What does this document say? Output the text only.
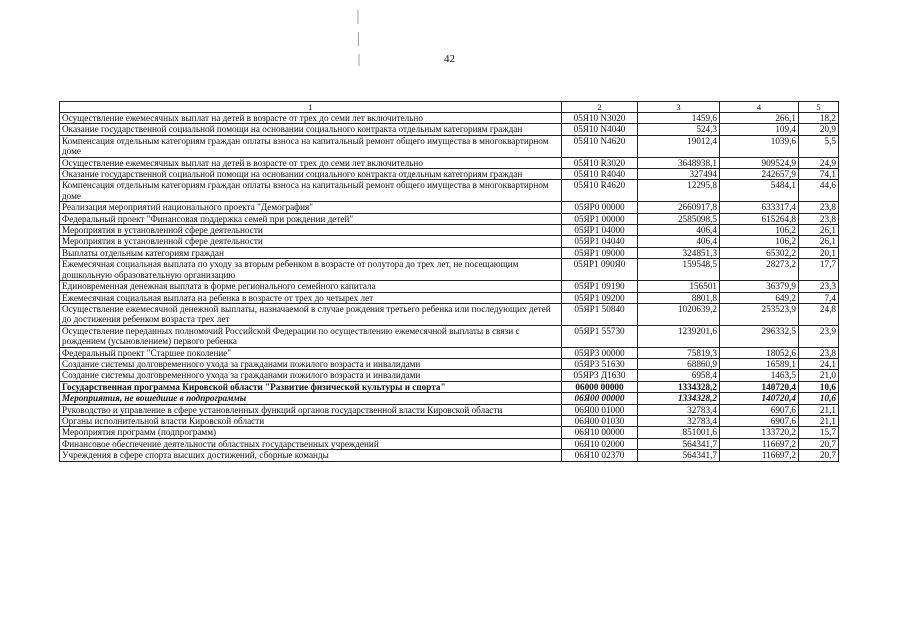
42
1	2	3	4	5
Осуществление ежемесячных выплат на детей в возрасте от трех до семи лет включительно	05Я10 N3020	1459,6	266,1	18,2
Оказание государственной социальной помощи на основании социального контракта отдельным категориям граждан	05Я10 N4040	524,3	109,4	20,9
Компенсация отдельным категориям граждан оплаты взноса на капитальный ремонт общего имущества в многоквартирном доме	05Я10 N4620	19012,4	1039,6	5,5
Осуществление ежемесячных выплат на детей в возрасте от трех до семи лет включительно	05Я10 R3020	3648938,1	909524,9	24,9
Оказание государственной социальной помощи на основании социального контракта отдельным категориям граждан	05Я10 R4040	327494	242657,9	74,1
Компенсация отдельным категориям граждан оплаты взноса на капитальный ремонт общего имущества в многоквартирном доме	05Я10 R4620	12295,8	5484,1	44,6
Реализация мероприятий национального проекта "Демография"	05ЯР0 00000	2660917,8	633317,4	23,8
Федеральный проект "Финансовая поддержка семей при рождении детей"	05ЯР1 00000	2585098,5	615264,8	23,8
Мероприятия в установленной сфере деятельности	05ЯР1 04000	406,4	106,2	26,1
Мероприятия в установленной сфере деятельности	05ЯР1 04040	406,4	106,2	26,1
Выплаты отдельным категориям граждан	05ЯР1 09000	324851,3	65302,2	20,1
Ежемесячная социальная выплата по уходу за вторым ребенком в возрасте от полутора до трех лет, не посещающим дошкольную образовательную организацию	05ЯР1 090Я0	159548,5	28273,2	17,7
Единовременная денежная выплата в форме регионального семейного капитала	05ЯР1 09190	156501	36379,9	23,3
Ежемесячная социальная выплата на ребенка в возрасте от трех до четырех лет	05ЯР1 09200	8801,8	649,2	7,4
Осуществление ежемесячной денежной выплаты, назначаемой в случае рождения третьего ребенка или последующих детей до достижения ребенком возраста трех лет	05ЯР1 50840	1020639,2	253523,9	24,8
Осуществление переданных полномочий Российской Федерации по осуществлению ежемесячной выплаты в связи с рождением (усыновлением) первого ребенка	05ЯР1 55730	1239201,6	296332,5	23,9
Федеральный проект "Старшее поколение"	05ЯР3 00000	75819,3	18052,6	23,8
Создание системы долговременного ухода за гражданами пожилого возраста и инвалидами	05ЯР3 51630	68860,9	16589,1	24,1
Создание системы долговременного ухода за гражданами пожилого возраста и инвалидами	05ЯР3 Д1630	6958,4	1463,5	21,0
Государственная программа Кировской области "Развитие физической культуры и спорта"	06000 00000	1334328,2	140720,4	10,6
Мероприятия, не вошедшие в подпрограммы	06Я00 00000	1334328,2	140720,4	10,6
Руководство и управление в сфере установленных функций органов государственной власти Кировской области	06Я00 01000	32783,4	6907,6	21,1
Органы исполнительной власти Кировской области	06Я00 01030	32783,4	6907,6	21,1
Мероприятия программ (подпрограмм)	06Я10 00000	851001,6	133720,2	15,7
Финансовое обеспечение деятельности областных государственных учреждений	06Я10 02000	564341,7	116697,2	20,7
Учреждения в сфере спорта высших достижений, сборные команды	06Я10 02370	564341,7	116697,2	20,7
